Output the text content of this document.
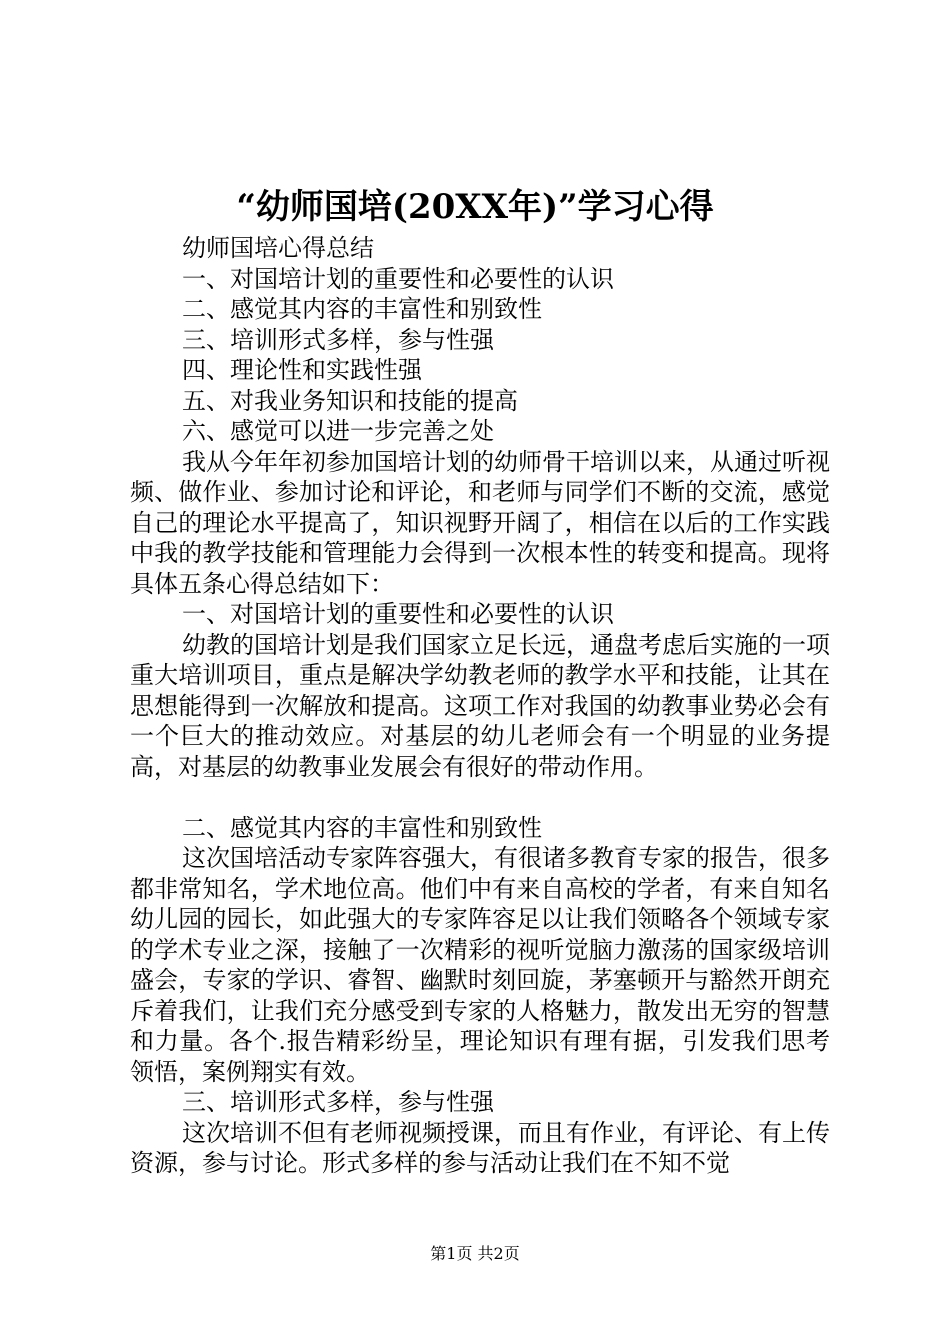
“幼师国培(20XX年)”学习心得

幼师国培心得总结

一、对国培计划的重要性和必要性的认识

二、感觉其内容的丰富性和别致性

三、培训形式多样，参与性强

四、理论性和实践性强

五、对我业务知识和技能的提高

六、感觉可以进一步完善之处

我从今年年初参加国培计划的幼师骨干培训以来，从通过听视频、做作业、参加讨论和评论，和老师与同学们不断的交流，感觉自己的理论水平提高了，知识视野开阔了，相信在以后的工作实践中我的教学技能和管理能力会得到一次根本性的转变和提高。现将具体五条心得总结如下：

一、对国培计划的重要性和必要性的认识

幼教的国培计划是我们国家立足长远，通盘考虑后实施的一项重大培训项目，重点是解决学幼教老师的教学水平和技能，让其在思想能得到一次解放和提高。这项工作对我国的幼教事业势必会有一个巨大的推动效应。对基层的幼儿老师会有一个明显的业务提高，对基层的幼教事业发展会有很好的带动作用。

二、感觉其内容的丰富性和别致性

这次国培活动专家阵容强大，有很诸多教育专家的报告，很多都非常知名，学术地位高。他们中有来自高校的学者，有来自知名幼儿园的园长，如此强大的专家阵容足以让我们领略各个领域专家的学术专业之深，接触了一次精彩的视听觉脑力激荡的国家级培训盛会，专家的学识、睿智、幽默时刻回旋，茅塞顿开与豁然开朗充斥着我们，让我们充分感受到专家的人格魅力，散发出无穷的智慧和力量。各个.报告精彩纷呈，理论知识有理有据，引发我们思考领悟，案例翔实有效。

三、培训形式多样，参与性强

这次培训不但有老师视频授课，而且有作业，有评论、有上传资源，参与讨论。形式多样的参与活动让我们在不知不觉

第1页 共2页
